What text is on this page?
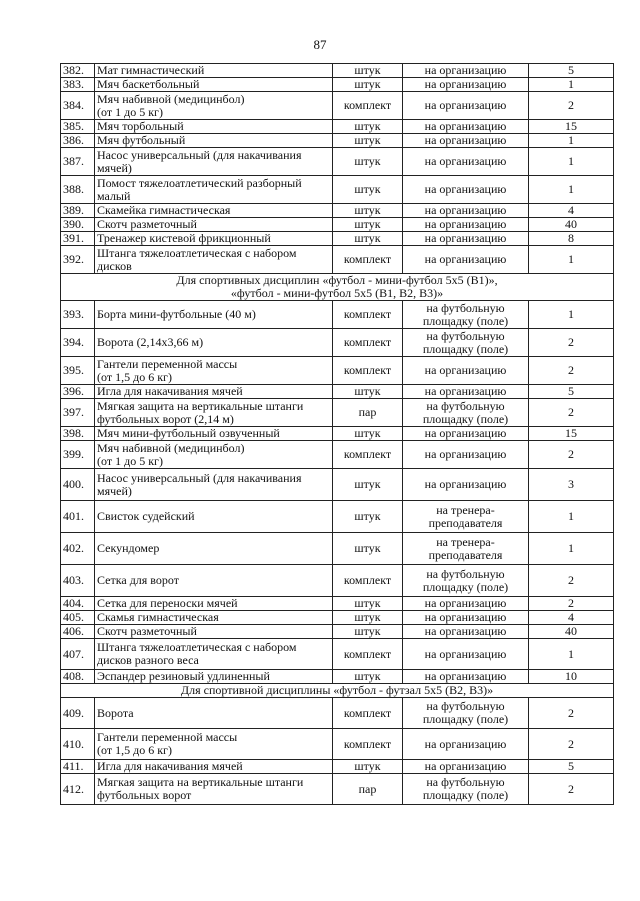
87
382.	Мат гимнастический	штук	на организацию	5
383.	Мяч баскетбольный	штук	на организацию	1
384.	Мяч набивной (медицинбол)
(от 1 до 5 кг)	комплект	на организацию	2
385.	Мяч торбольный	штук	на организацию	15
386.	Мяч футбольный	штук	на организацию	1
387.	Насос универсальный (для накачивания
мячей)	штук	на организацию	1
388.	Помост тяжелоатлетический разборный
малый	штук	на организацию	1
389.	Скамейка гимнастическая	штук	на организацию	4
390.	Скотч разметочный	штук	на организацию	40
391.	Тренажер кистевой фрикционный	штук	на организацию	8
392.	Штанга тяжелоатлетическая с набором
дисков	комплект	на организацию	1
Для спортивных дисциплин «футбол - мини-футбол 5х5 (В1)»,
«футбол - мини-футбол 5х5 (В1, В2, В3)»				
393.	Борта мини-футбольные (40 м)	комплект	на футбольную
площадку (поле)	1
394.	Ворота (2,14х3,66 м)	комплект	на футбольную
площадку (поле)	2
395.	Гантели переменной массы
(от 1,5 до 6 кг)	комплект	на организацию	2
396.	Игла для накачивания мячей	штук	на организацию	5
397.	Мягкая защита на вертикальные штанги
футбольных ворот (2,14 м)	пар	на футбольную
площадку (поле)	2
398.	Мяч мини-футбольный озвученный	штук	на организацию	15
399.	Мяч набивной (медицинбол)
(от 1 до 5 кг)	комплект	на организацию	2
400.	Насос универсальный (для накачивания
мячей)	штук	на организацию	3
401.	Свисток судейский	штук	на тренера-
преподавателя	1
402.	Секундомер	штук	на тренера-
преподавателя	1
403.	Сетка для ворот	комплект	на футбольную
площадку (поле)	2
404.	Сетка для переноски мячей	штук	на организацию	2
405.	Скамья гимнастическая	штук	на организацию	4
406.	Скотч разметочный	штук	на организацию	40
407.	Штанга тяжелоатлетическая с набором
дисков разного веса	комплект	на организацию	1
408.	Эспандер резиновый удлиненный	штук	на организацию	10
Для спортивной дисциплины «футбол - футзал 5х5 (В2, В3)»				
409.	Ворота	комплект	на футбольную
площадку (поле)	2
410.	Гантели переменной массы
(от 1,5 до 6 кг)	комплект	на организацию	2
411.	Игла для накачивания мячей	штук	на организацию	5
412.	Мягкая защита на вертикальные штанги
футбольных ворот	пар	на футбольную
площадку (поле)	2
